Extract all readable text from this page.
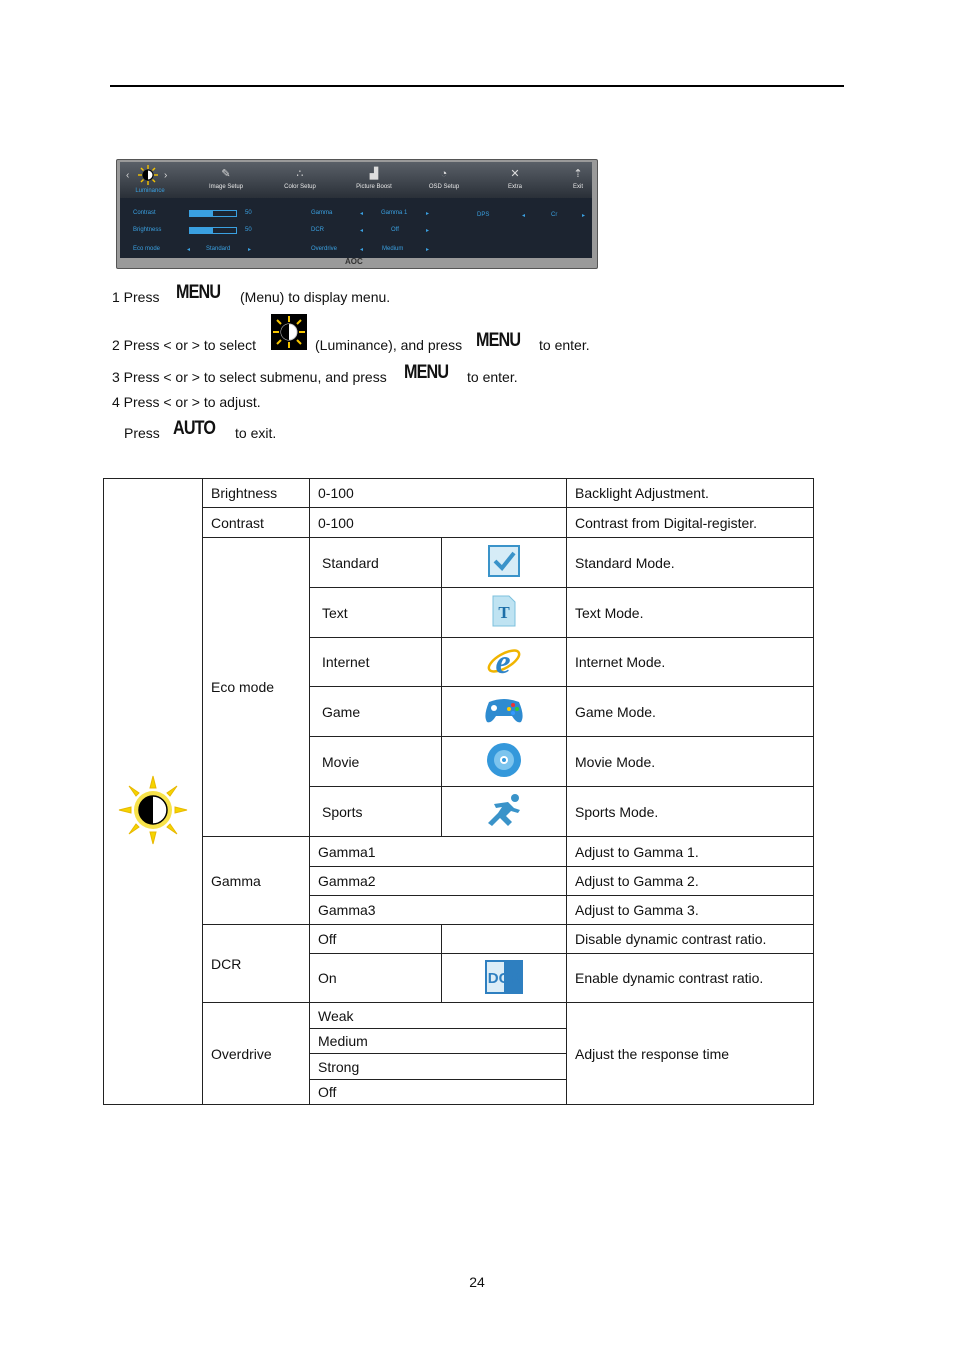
‹	›
Luminance
✎
Image Setup
∴
Color Setup
▟
Picture Boost
◔
OSD Setup
✕
Extra
⇡
Exit
Contrast	50
Brightness	50
Eco mode	◂	Standard	▸
Gamma	◂	Gamma 1	▸
DCR	◂	Off	▸
Overdrive	◂	Medium	▸
DPS	◂	Cr	▸
AOC
1 Press MENU (Menu) to display menu.
2 Press < or > to select	(Luminance), and press MENU to enter.
3 Press < or > to select submenu, and press MENU to enter.
4 Press < or > to adjust.
Press AUTO to exit.
	Brightness	0-100		Backlight Adjustment.
	Contrast	0-100		Contrast from Digital-register.
	Eco mode	Standard		Standard Mode.
		Text	T	Text Mode.
		Internet	e	Internet Mode.
		Game		Game Mode.
		Movie		Movie Mode.
		Sports		Sports Mode.
	Gamma	Gamma1		Adjust to Gamma 1.
		Gamma2		Adjust to Gamma 2.
		Gamma3		Adjust to Gamma 3.
	DCR	Off		Disable dynamic contrast ratio.
		On	DCR	Enable dynamic contrast ratio.
	Overdrive	Weak		Adjust the response time
		Medium		
		Strong		
		Off		
24
